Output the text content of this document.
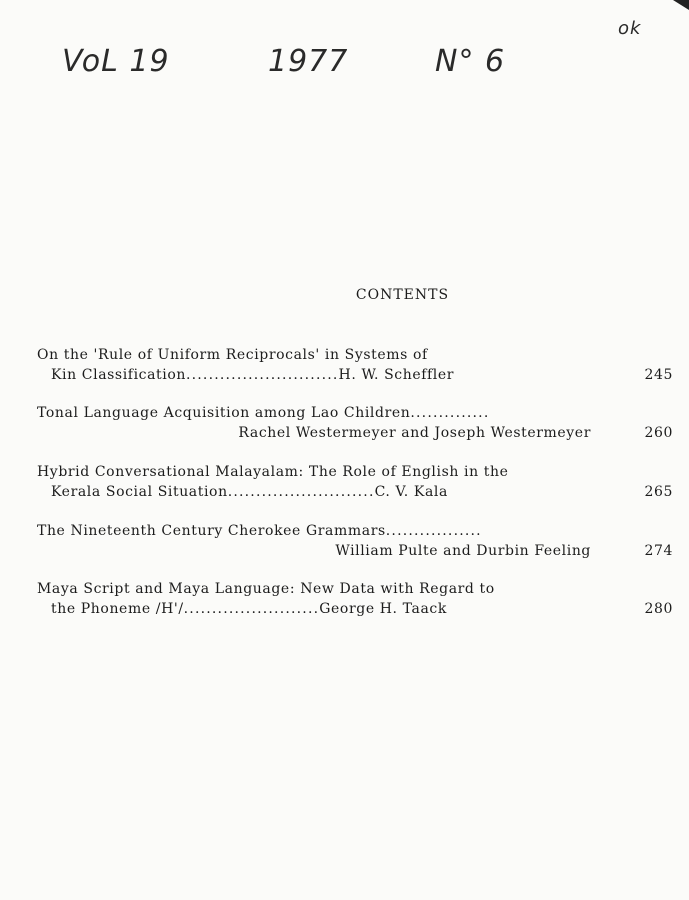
VoL 19	1977	N° 6
ok
CONTENTS
On the 'Rule of Uniform Reciprocals' in Systems of
Kin Classification...........................H. W. Scheffler	245
Tonal Language Acquisition among Lao Children..............
Rachel Westermeyer and Joseph Westermeyer	260
Hybrid Conversational Malayalam: The Role of English in the
Kerala Social Situation..........................C. V. Kala	265
The Nineteenth Century Cherokee Grammars.................
William Pulte and Durbin Feeling	274
Maya Script and Maya Language: New Data with Regard to
the Phoneme /H'/........................George H. Taack	280
